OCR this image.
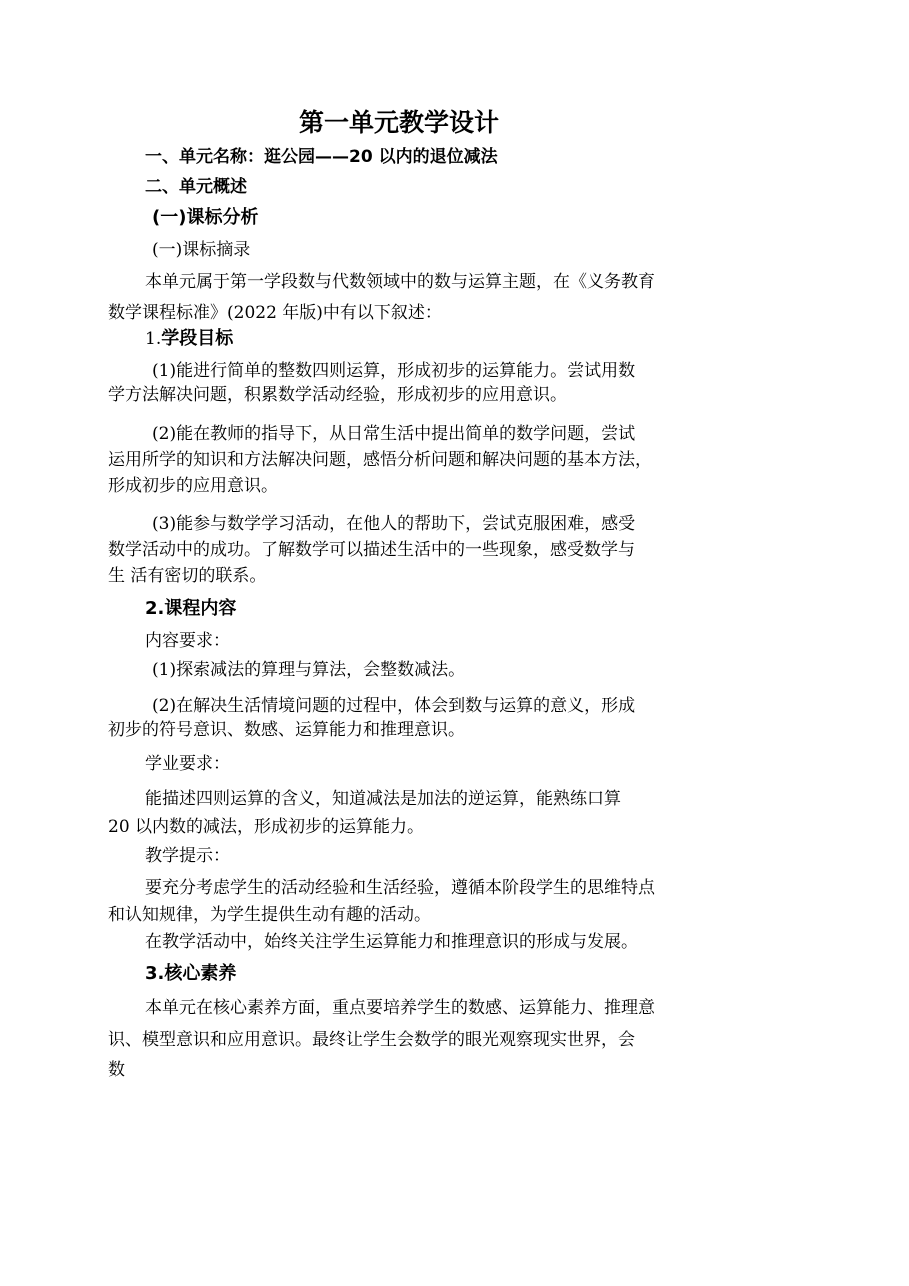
第一单元教学设计
一、单元名称：逛公园——20 以内的退位减法
二、单元概述
(一)课标分析
(一)课标摘录
本单元属于第一学段数与代数领域中的数与运算主题，在《义务教育
数学课程标准》(2022 年版)中有以下叙述：
1.学段目标
(1)能进行简单的整数四则运算，形成初步的运算能力。尝试用数
学方法解决问题，积累数学活动经验，形成初步的应用意识。
(2)能在教师的指导下，从日常生活中提出简单的数学问题，尝试
运用所学的知识和方法解决问题，感悟分析问题和解决问题的基本方法，
形成初步的应用意识。
(3)能参与数学学习活动，在他人的帮助下，尝试克服困难，感受
数学活动中的成功。了解数学可以描述生活中的一些现象，感受数学与
生 活有密切的联系。
2.课程内容
内容要求：
(1)探索减法的算理与算法，会整数减法。
(2)在解决生活情境问题的过程中，体会到数与运算的意义，形成
初步的符号意识、数感、运算能力和推理意识。
学业要求：
能描述四则运算的含义，知道减法是加法的逆运算，能熟练口算
20 以内数的减法，形成初步的运算能力。
教学提示：
要充分考虑学生的活动经验和生活经验，遵循本阶段学生的思维特点
和认知规律，为学生提供生动有趣的活动。
在教学活动中，始终关注学生运算能力和推理意识的形成与发展。
3.核心素养
本单元在核心素养方面，重点要培养学生的数感、运算能力、推理意
识、模型意识和应用意识。最终让学生会数学的眼光观察现实世界，会
数
